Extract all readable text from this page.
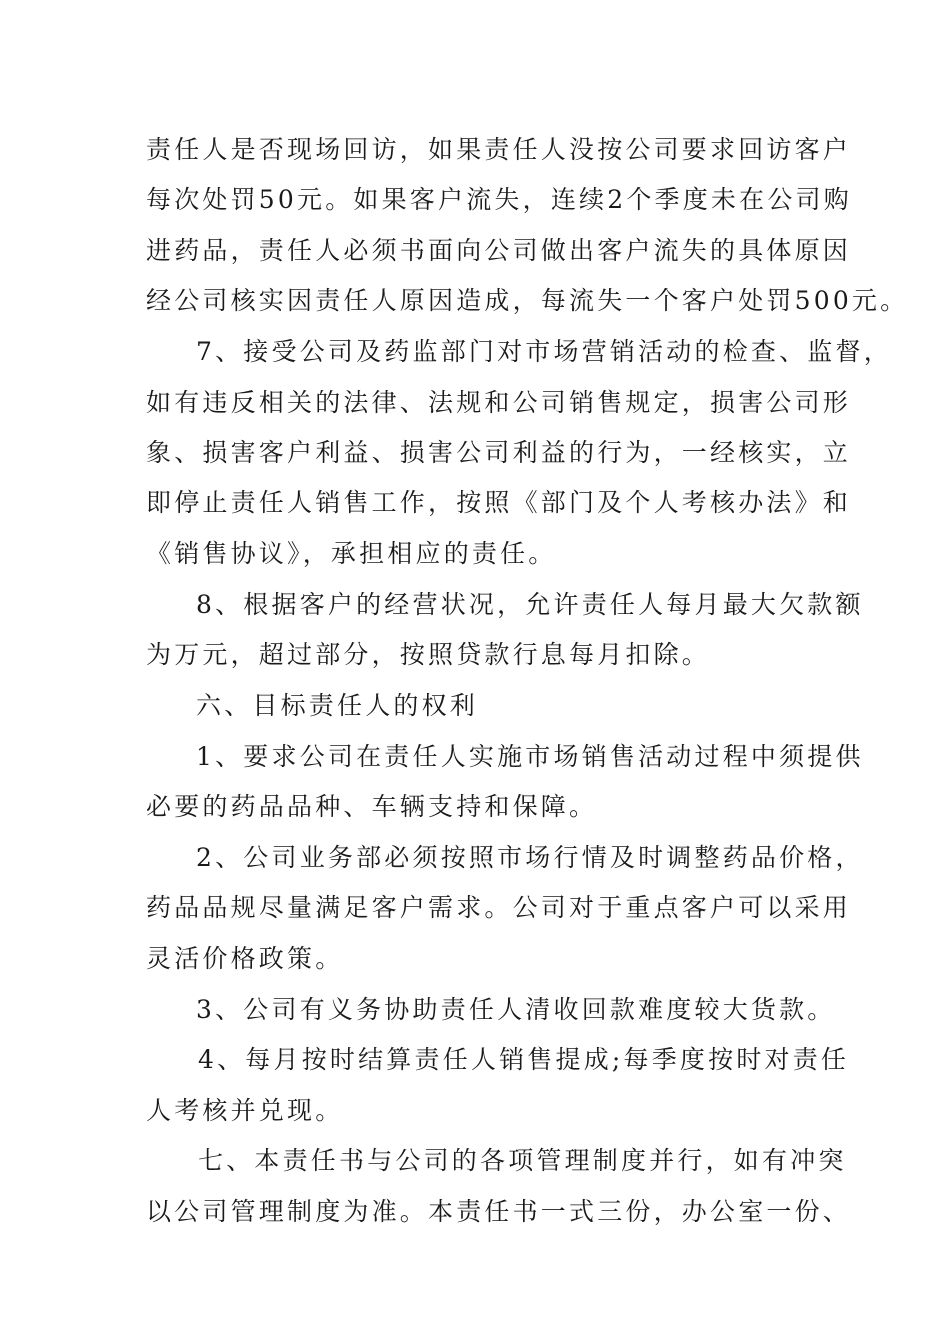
责任人是否现场回访，如果责任人没按公司要求回访客户
每次处罚50元。如果客户流失，连续2个季度未在公司购
进药品，责任人必须书面向公司做出客户流失的具体原因
经公司核实因责任人原因造成，每流失一个客户处罚500元。
7、接受公司及药监部门对市场营销活动的检查、监督，
如有违反相关的法律、法规和公司销售规定，损害公司形
象、损害客户利益、损害公司利益的行为，一经核实，立
即停止责任人销售工作，按照《部门及个人考核办法》和
《销售协议》，承担相应的责任。
8、根据客户的经营状况，允许责任人每月最大欠款额
为万元，超过部分，按照贷款行息每月扣除。
六、目标责任人的权利
1、要求公司在责任人实施市场销售活动过程中须提供
必要的药品品种、车辆支持和保障。
2、公司业务部必须按照市场行情及时调整药品价格，
药品品规尽量满足客户需求。公司对于重点客户可以采用
灵活价格政策。
3、公司有义务协助责任人清收回款难度较大货款。
4、每月按时结算责任人销售提成;每季度按时对责任
人考核并兑现。
七、本责任书与公司的各项管理制度并行，如有冲突
以公司管理制度为准。本责任书一式三份，办公室一份、
